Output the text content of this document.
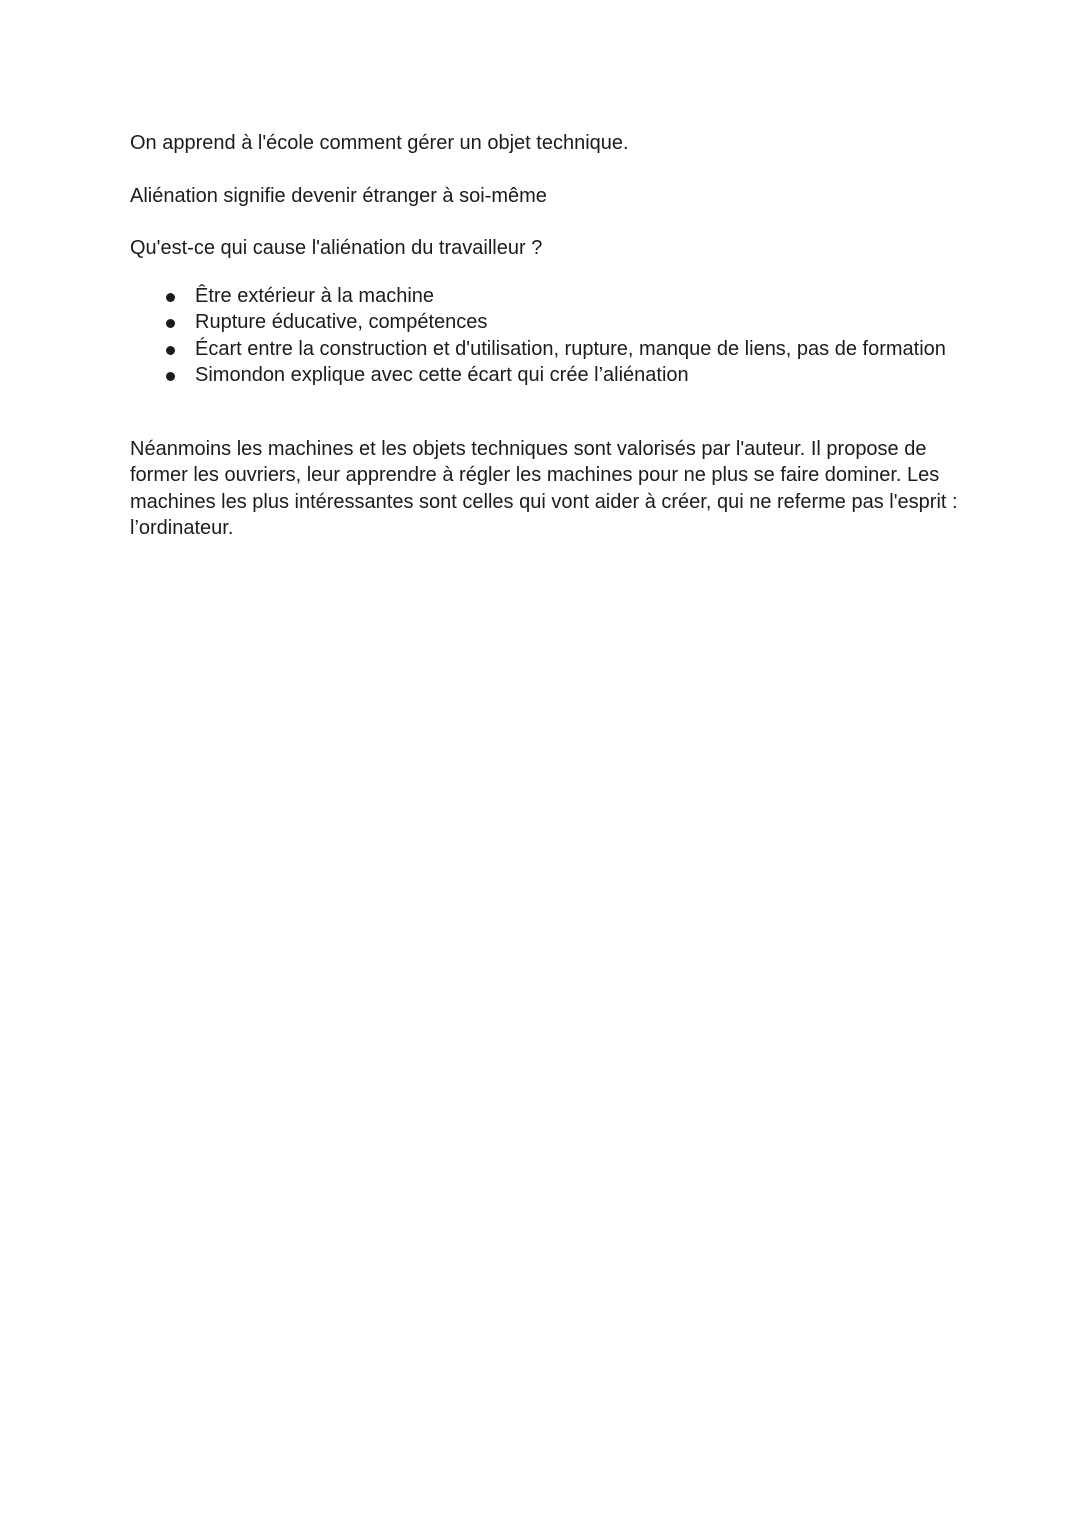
On apprend à l'école comment gérer un objet technique.

Aliénation signifie devenir étranger à soi-même

Qu'est-ce qui cause l'aliénation du travailleur ?

Être extérieur à la machine
Rupture éducative, compétences
Écart entre la construction et d'utilisation, rupture, manque de liens, pas de formation
Simondon explique avec cette écart qui crée l’aliénation

Néanmoins les machines et les objets techniques sont valorisés par l'auteur. Il propose de former les ouvriers, leur apprendre à régler les machines pour ne plus se faire dominer. Les machines les plus intéressantes sont celles qui vont aider à créer, qui ne referme pas l'esprit : l’ordinateur.
